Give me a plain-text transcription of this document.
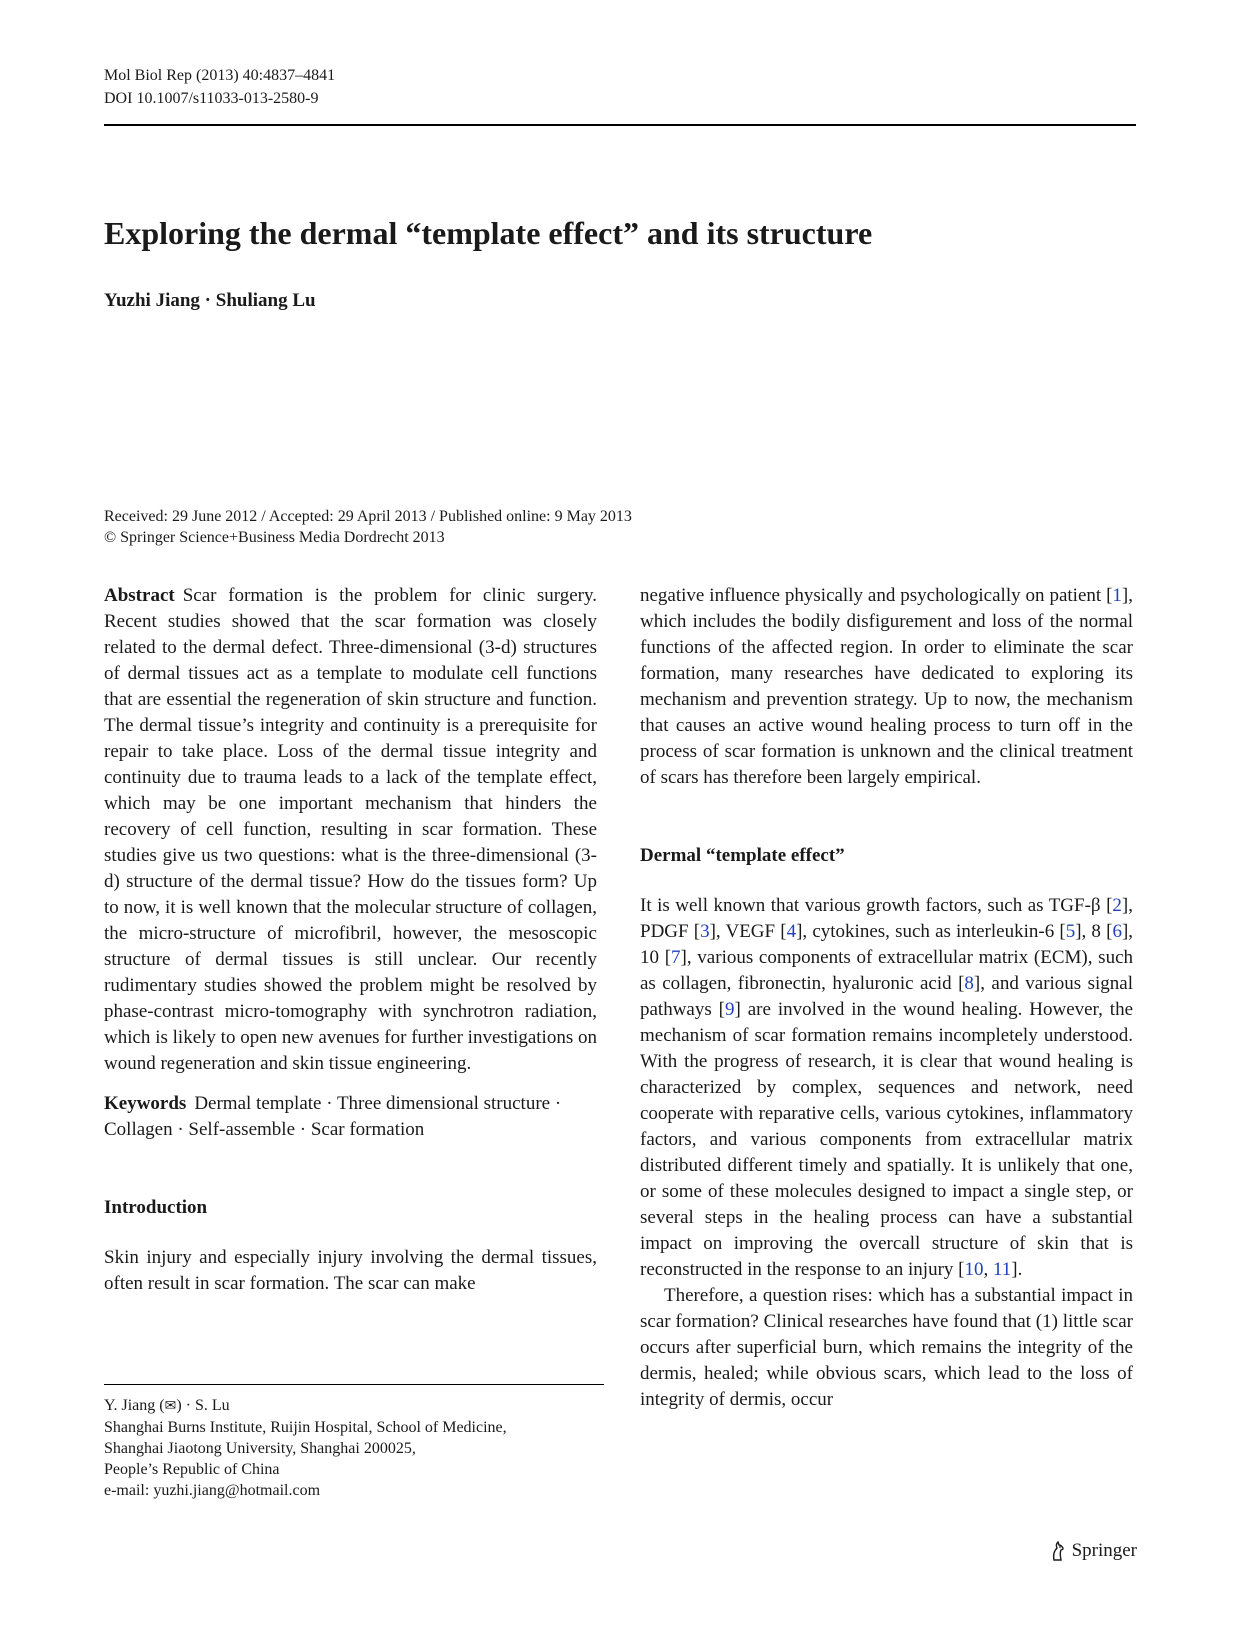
Mol Biol Rep (2013) 40:4837–4841
DOI 10.1007/s11033-013-2580-9
Exploring the dermal “template effect” and its structure
Yuzhi Jiang · Shuliang Lu
Received: 29 June 2012 / Accepted: 29 April 2013 / Published online: 9 May 2013
© Springer Science+Business Media Dordrecht 2013

Abstract Scar formation is the problem for clinic surgery. Recent studies showed that the scar formation was closely related to the dermal defect. Three-dimensional (3-d) structures of dermal tissues act as a template to modulate cell functions that are essential the regeneration of skin structure and function. The dermal tissue’s integrity and continuity is a prerequisite for repair to take place. Loss of the dermal tissue integrity and continuity due to trauma leads to a lack of the template effect, which may be one important mechanism that hinders the recovery of cell function, resulting in scar formation. These studies give us two questions: what is the three-dimensional (3-d) structure of the dermal tissue? How do the tissues form? Up to now, it is well known that the molecular structure of collagen, the micro-structure of microfibril, however, the mesoscopic structure of dermal tissues is still unclear. Our recently rudimentary studies showed the problem might be resolved by phase-contrast micro-tomography with synchrotron radiation, which is likely to open new avenues for further investigations on wound regeneration and skin tissue engineering.

Keywords Dermal template · Three dimensional structure · Collagen · Self-assemble · Scar formation

Introduction

Skin injury and especially injury involving the dermal tissues, often result in scar formation. The scar can make

negative influence physically and psychologically on patient [1], which includes the bodily disfigurement and loss of the normal functions of the affected region. In order to eliminate the scar formation, many researches have dedicated to exploring its mechanism and prevention strategy. Up to now, the mechanism that causes an active wound healing process to turn off in the process of scar formation is unknown and the clinical treatment of scars has therefore been largely empirical.

Dermal “template effect”

It is well known that various growth factors, such as TGF-β [2], PDGF [3], VEGF [4], cytokines, such as interleukin-6 [5], 8 [6], 10 [7], various components of extracellular matrix (ECM), such as collagen, fibronectin, hyaluronic acid [8], and various signal pathways [9] are involved in the wound healing. However, the mechanism of scar formation remains incompletely understood. With the progress of research, it is clear that wound healing is characterized by complex, sequences and network, need cooperate with reparative cells, various cytokines, inflammatory factors, and various components from extracellular matrix distributed different timely and spatially. It is unlikely that one, or some of these molecules designed to impact a single step, or several steps in the healing process can have a substantial impact on improving the overcall structure of skin that is reconstructed in the response to an injury [10, 11].

Therefore, a question rises: which has a substantial impact in scar formation? Clinical researches have found that (1) little scar occurs after superficial burn, which remains the integrity of the dermis, healed; while obvious scars, which lead to the loss of integrity of dermis, occur

Y. Jiang (✉) · S. Lu
Shanghai Burns Institute, Ruijin Hospital, School of Medicine,
Shanghai Jiaotong University, Shanghai 200025,
People’s Republic of China
e-mail: yuzhi.jiang@hotmail.com
Springer
